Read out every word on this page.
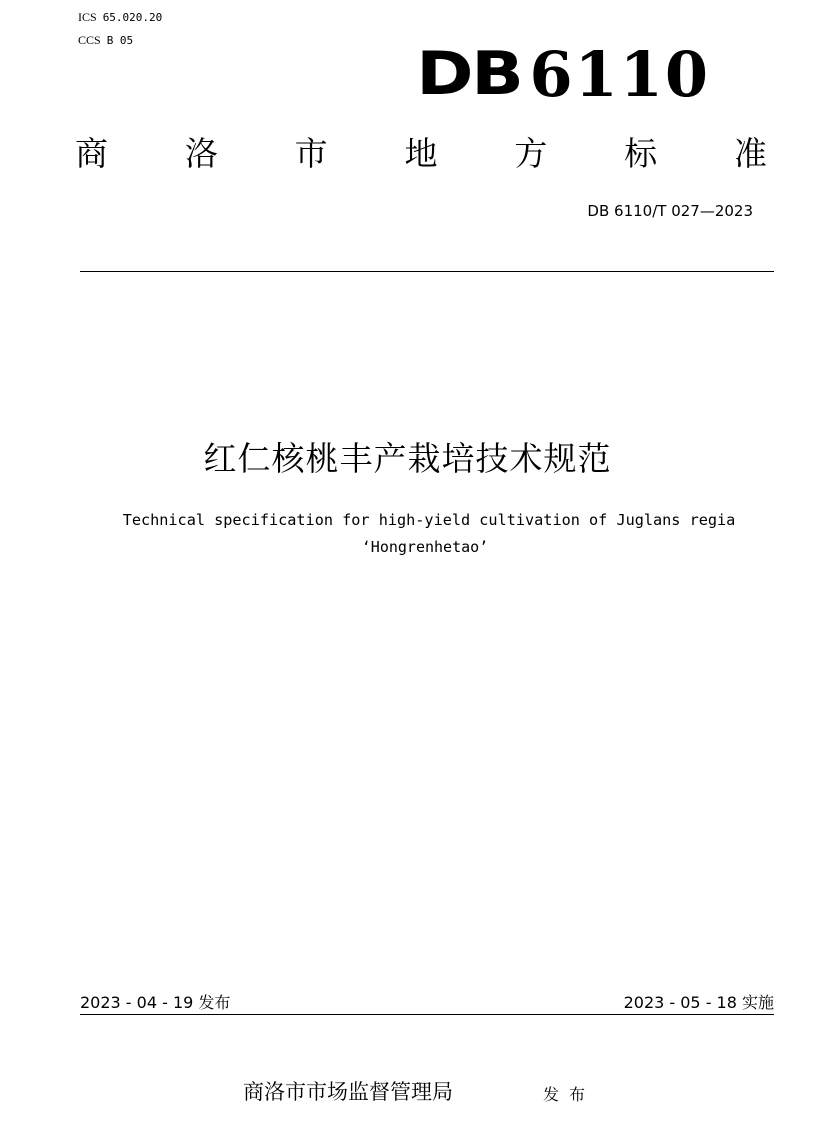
ICS 65.020.20
CCS B 05	DB 6110
商 洛 市 地 方 标 准
DB 6110/T 027—2023
红仁核桃丰产栽培技术规范
Technical specification for high-yield cultivation of Juglans regia
‘Hongrenhetao’
2023 - 04 - 19 发布	2023 - 05 - 18 实施
商洛市市场监督管理局	发布
